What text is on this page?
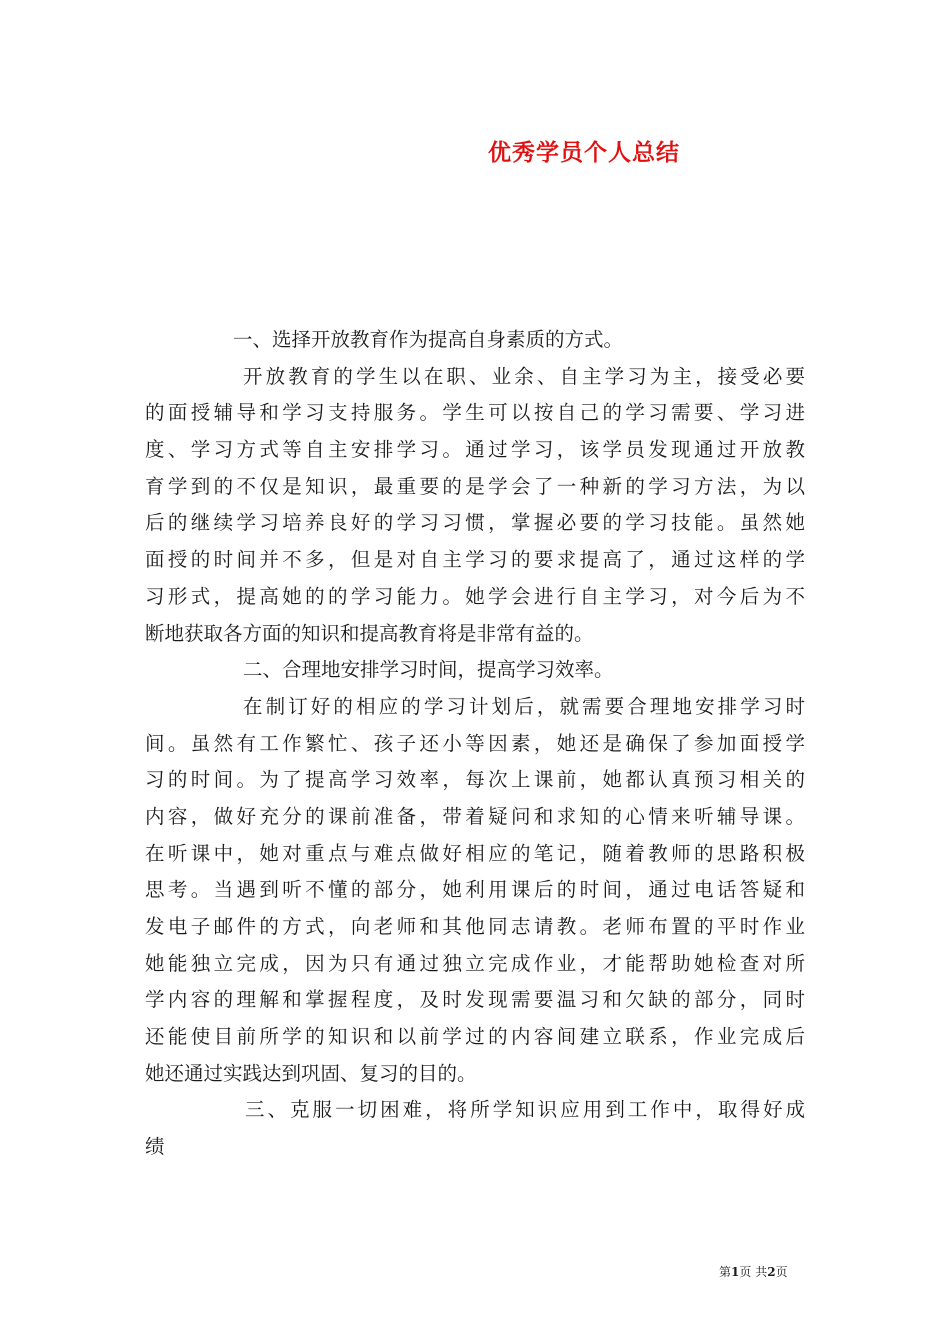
优秀学员个人总结
一、选择开放教育作为提高自身素质的方式。
开放教育的学生以在职、业余、自主学习为主，接受必要
的面授辅导和学习支持服务。学生可以按自己的学习需要、学习进
度、学习方式等自主安排学习。通过学习，该学员发现通过开放教
育学到的不仅是知识，最重要的是学会了一种新的学习方法，为以
后的继续学习培养良好的学习习惯，掌握必要的学习技能。虽然她
面授的时间并不多，但是对自主学习的要求提高了，通过这样的学
习形式，提高她的的学习能力。她学会进行自主学习，对今后为不
断地获取各方面的知识和提高教育将是非常有益的。
二、合理地安排学习时间，提高学习效率。
在制订好的相应的学习计划后，就需要合理地安排学习时
间。虽然有工作繁忙、孩子还小等因素，她还是确保了参加面授学
习的时间。为了提高学习效率，每次上课前，她都认真预习相关的
内容，做好充分的课前准备，带着疑问和求知的心情来听辅导课。
在听课中，她对重点与难点做好相应的笔记，随着教师的思路积极
思考。当遇到听不懂的部分，她利用课后的时间，通过电话答疑和
发电子邮件的方式，向老师和其他同志请教。老师布置的平时作业
她能独立完成，因为只有通过独立完成作业，才能帮助她检查对所
学内容的理解和掌握程度，及时发现需要温习和欠缺的部分，同时
还能使目前所学的知识和以前学过的内容间建立联系，作业完成后
她还通过实践达到巩固、复习的目的。
三、克服一切困难，将所学知识应用到工作中，取得好成
绩
第1页 共2页
